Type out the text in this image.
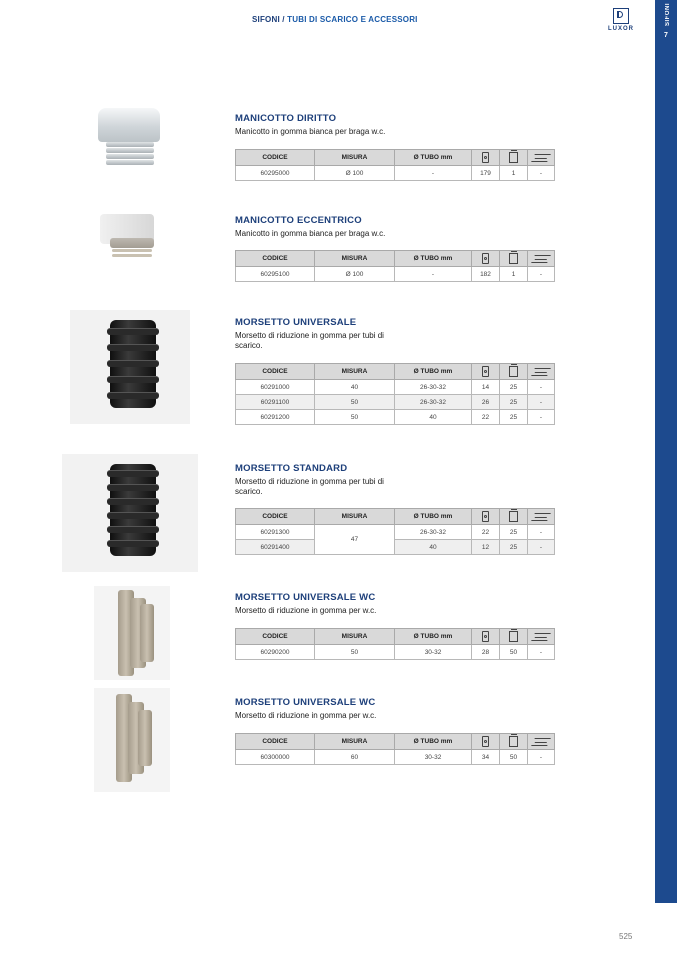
SIFONI / TUBI DI SCARICO E ACCESSORI
LUXOR
7
SIFONI
MANICOTTO DIRITTO
Manicotto in gomma bianca per braga w.c.
CODICE	MISURA	Ø TUBO mm			
60295000	Ø 100	-	179	1	-
MANICOTTO ECCENTRICO
Manicotto in gomma bianca per braga w.c.
CODICE	MISURA	Ø TUBO mm			
60295100	Ø 100	-	182	1	-
MORSETTO UNIVERSALE
Morsetto di riduzione in gomma per tubi di scarico.
CODICE	MISURA	Ø TUBO mm			
60291000	40	26-30-32	14	25	-
60291100	50	26-30-32	26	25	-
60291200	50	40	22	25	-
MORSETTO STANDARD
Morsetto di riduzione in gomma per tubi di scarico.
CODICE	MISURA	Ø TUBO mm			
60291300	47	26-30-32	22	25	-
60291400		40	12	25	-
MORSETTO UNIVERSALE WC
Morsetto di riduzione in gomma per w.c.
CODICE	MISURA	Ø TUBO mm			
60290200	50	30-32	28	50	-
MORSETTO UNIVERSALE WC
Morsetto di riduzione in gomma per w.c.
CODICE	MISURA	Ø TUBO mm			
60300000	60	30-32	34	50	-
525
